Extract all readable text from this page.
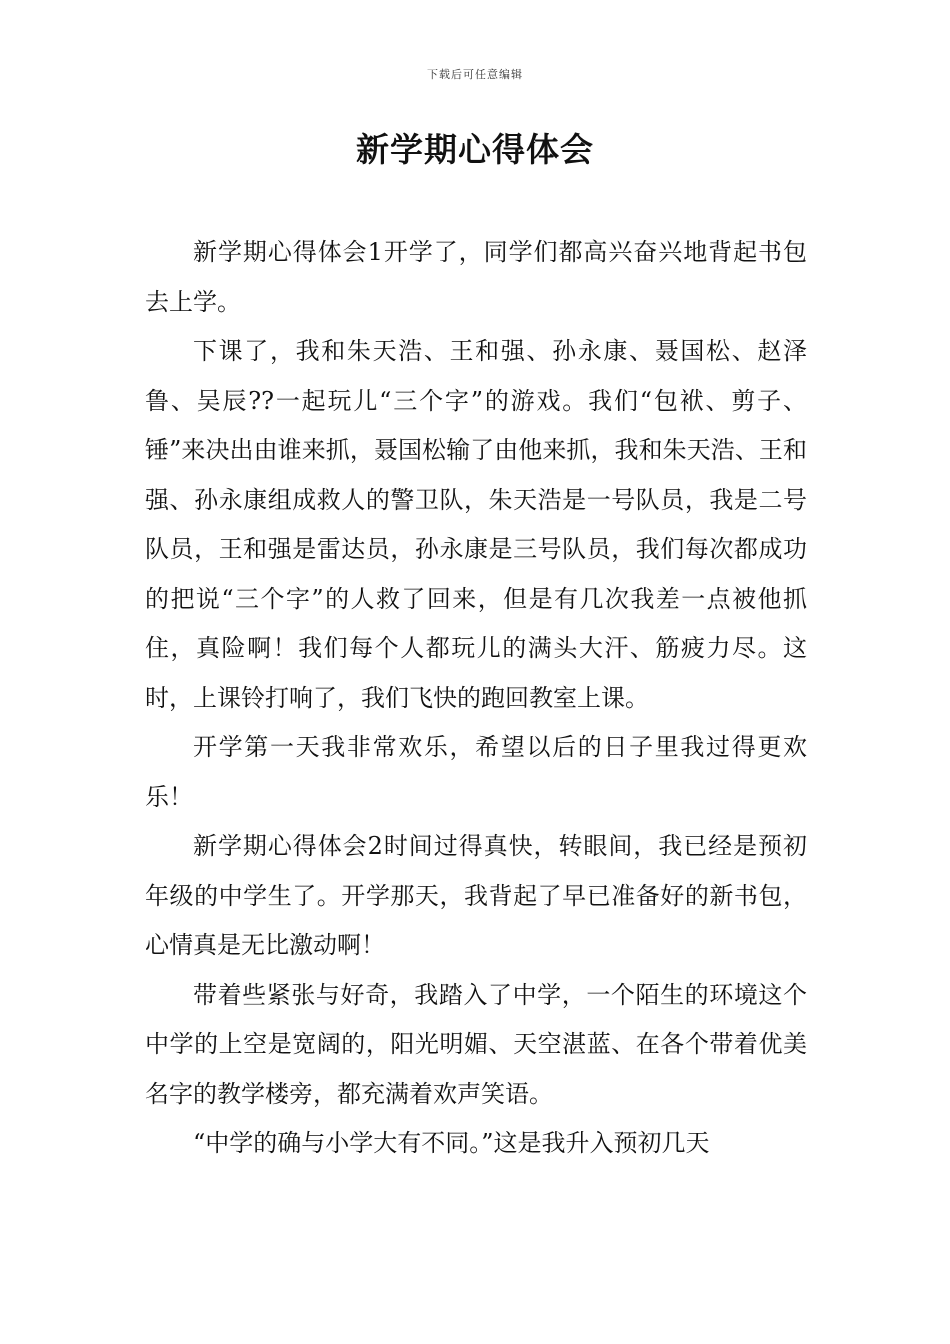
下载后可任意编辑
新学期心得体会

新学期心得体会1开学了，同学们都高兴奋兴地背起书包去上学。

下课了，我和朱天浩、王和强、孙永康、聂国松、赵泽鲁、吴辰??一起玩儿“三个字”的游戏。我们“包袱、剪子、锤”来决出由谁来抓，聂国松输了由他来抓，我和朱天浩、王和强、孙永康组成救人的警卫队，朱天浩是一号队员，我是二号队员，王和强是雷达员，孙永康是三号队员，我们每次都成功的把说“三个字”的人救了回来，但是有几次我差一点被他抓住，真险啊！我们每个人都玩儿的满头大汗、筋疲力尽。这时，上课铃打响了，我们飞快的跑回教室上课。

开学第一天我非常欢乐，希望以后的日子里我过得更欢乐！

新学期心得体会2时间过得真快，转眼间，我已经是预初年级的中学生了。开学那天，我背起了早已准备好的新书包，心情真是无比激动啊！

带着些紧张与好奇，我踏入了中学，一个陌生的环境这个中学的上空是宽阔的，阳光明媚、天空湛蓝、在各个带着优美名字的教学楼旁，都充满着欢声笑语。

“中学的确与小学大有不同。”这是我升入预初几天
